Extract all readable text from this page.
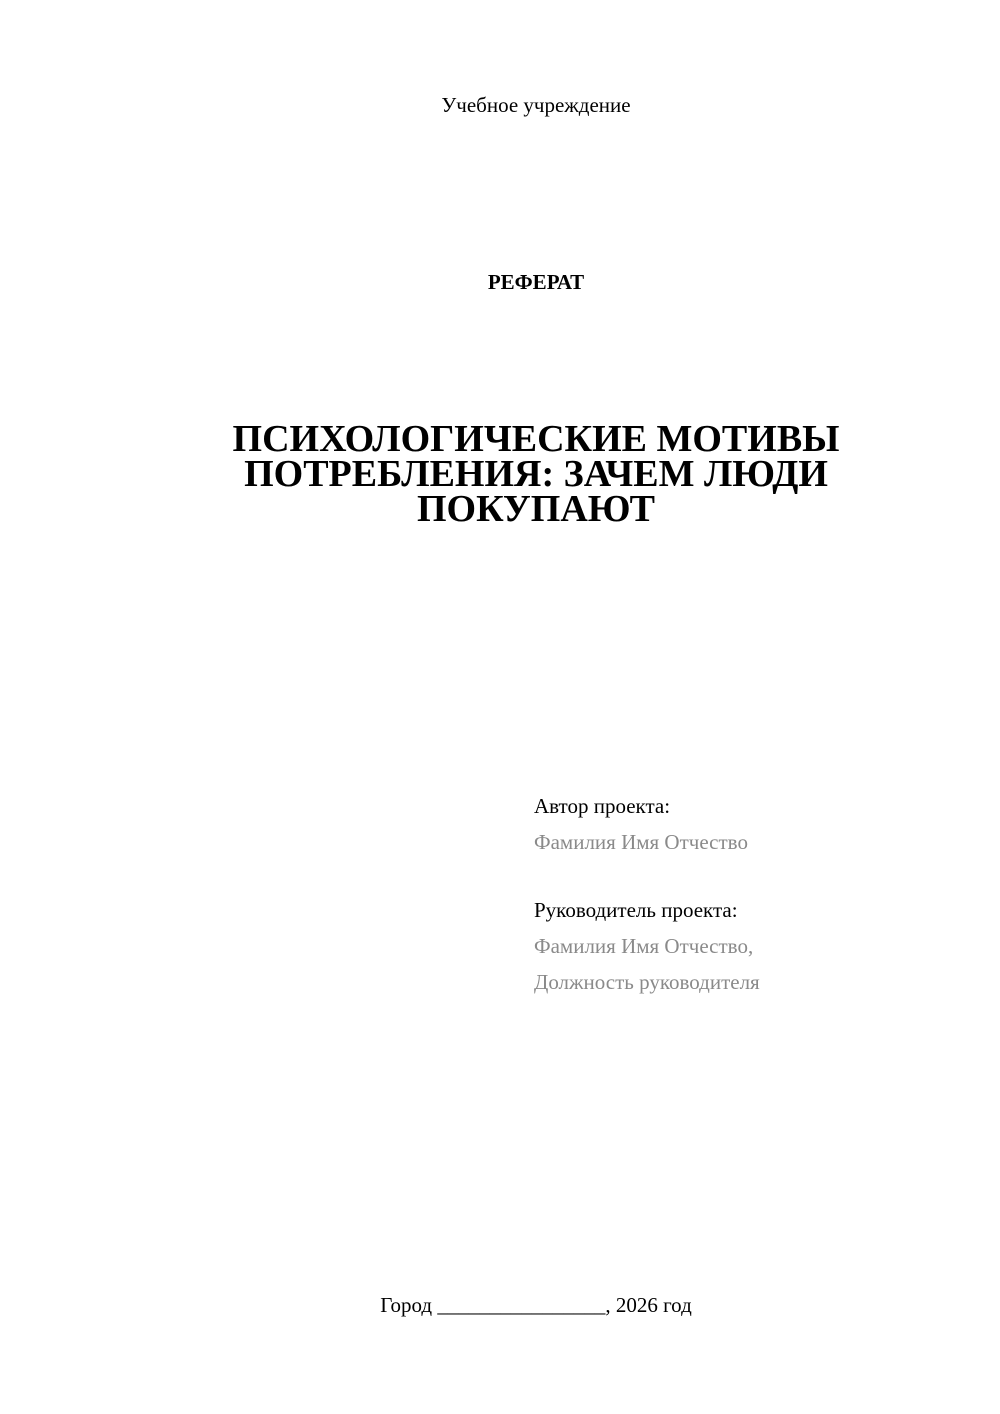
Учебное учреждение
РЕФЕРАТ
ПСИХОЛОГИЧЕСКИЕ МОТИВЫ
ПОТРЕБЛЕНИЯ: ЗАЧЕМ ЛЮДИ
ПОКУПАЮТ
Автор проекта:
Фамилия Имя Отчество
Руководитель проекта:
Фамилия Имя Отчество,
Должность руководителя
Город ________________, 2026 год
